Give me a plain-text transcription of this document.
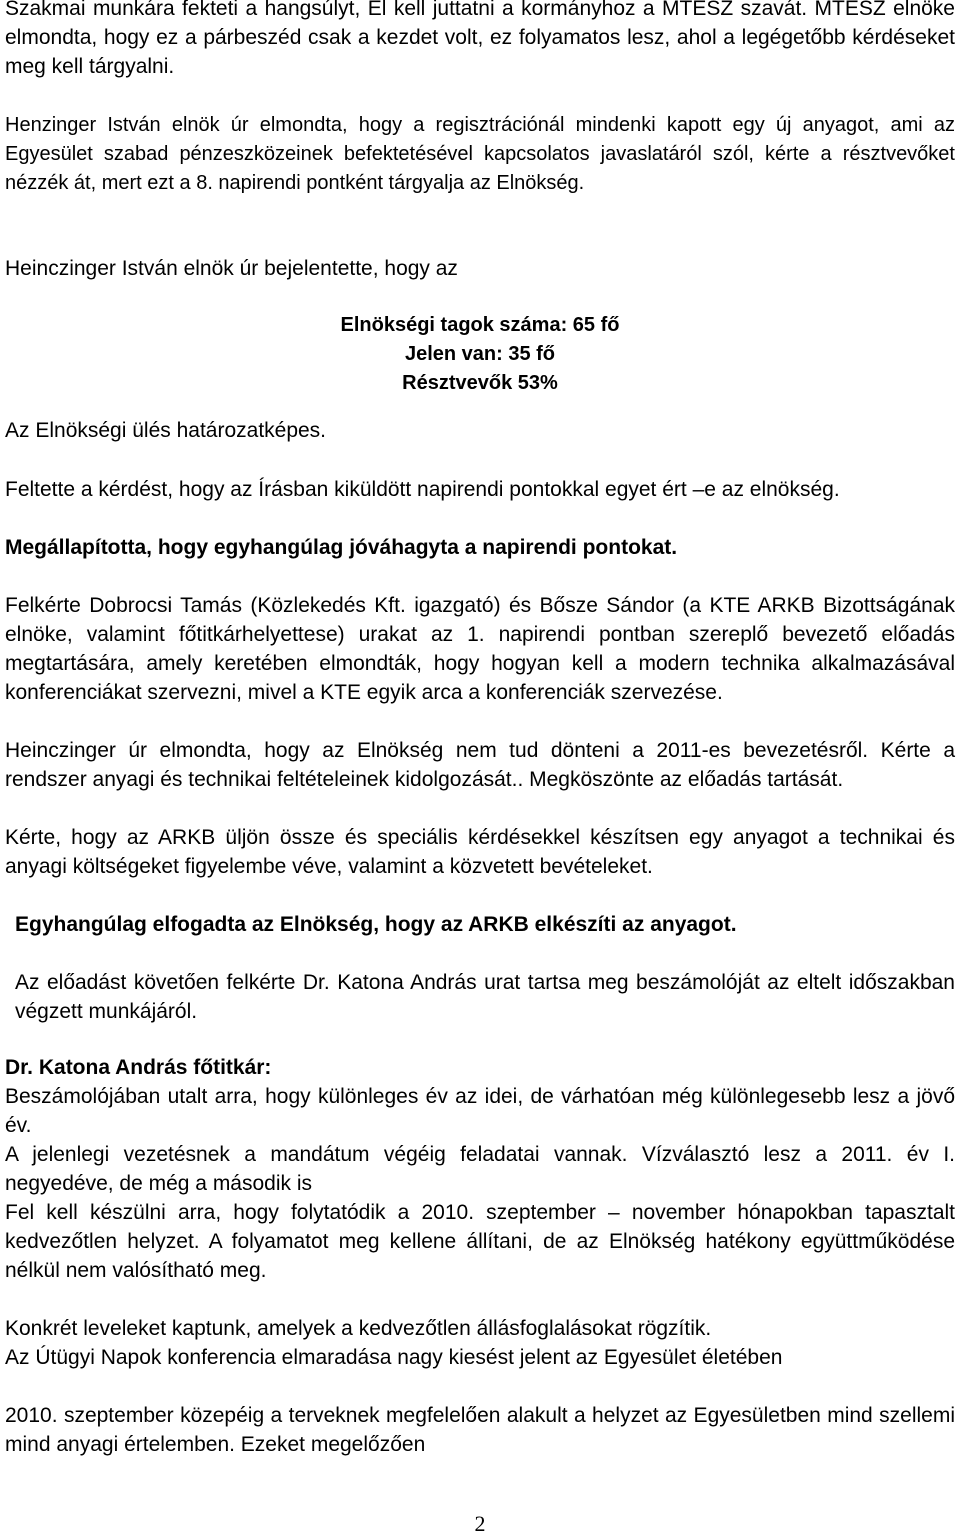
Szakmai munkára fekteti a hangsúlyt, El kell juttatni a kormányhoz a MTESZ szavát. MTESZ elnöke elmondta, hogy ez a párbeszéd csak a kezdet volt, ez folyamatos lesz, ahol a legégetőbb kérdéseket meg kell tárgyalni.
Henzinger István elnök úr elmondta, hogy a regisztrációnál mindenki kapott egy új anyagot, ami az Egyesület szabad pénzeszközeinek befektetésével kapcsolatos javaslatáról szól, kérte a résztvevőket nézzék át, mert ezt a 8. napirendi pontként tárgyalja az Elnökség.
Heinczinger István elnök úr bejelentette, hogy az
Elnökségi tagok száma: 65 fő
Jelen van: 35 fő
Résztvevők 53%
Az Elnökségi ülés határozatképes.
Feltette a kérdést, hogy az Írásban kiküldött napirendi pontokkal egyet ért –e az elnökség.
Megállapította, hogy egyhangúlag jóváhagyta a napirendi pontokat.
Felkérte Dobrocsi Tamás (Közlekedés Kft. igazgató) és Bősze Sándor (a KTE ARKB Bizottságának elnöke, valamint főtitkárhelyettese) urakat az 1. napirendi pontban szereplő bevezető előadás megtartására, amely keretében elmondták, hogy hogyan kell a modern technika alkalmazásával konferenciákat szervezni, mivel a KTE egyik arca a konferenciák szervezése.
Heinczinger úr elmondta, hogy az Elnökség nem tud dönteni a 2011-es bevezetésről. Kérte a rendszer anyagi és technikai feltételeinek kidolgozását.. Megköszönte az előadás tartását.
Kérte, hogy az ARKB üljön össze és speciális kérdésekkel készítsen egy anyagot a technikai és anyagi költségeket figyelembe véve, valamint a közvetett bevételeket.
Egyhangúlag elfogadta az Elnökség, hogy az ARKB elkészíti az anyagot.
Az előadást követően felkérte Dr. Katona András urat tartsa meg beszámolóját az eltelt időszakban végzett munkájáról.
Dr. Katona András főtitkár:
Beszámolójában utalt arra, hogy különleges év az idei, de várhatóan még különlegesebb lesz a jövő év.
A jelenlegi vezetésnek a mandátum végéig feladatai vannak. Vízválasztó lesz a 2011. év I. negyedéve, de még a második is
Fel kell készülni arra, hogy folytatódik a 2010. szeptember – november hónapokban tapasztalt kedvezőtlen helyzet. A folyamatot meg kellene állítani, de az Elnökség hatékony együttműködése nélkül nem valósítható meg.
Konkrét leveleket kaptunk, amelyek a kedvezőtlen állásfoglalásokat rögzítik.
Az Útügyi Napok konferencia elmaradása nagy kiesést jelent az Egyesület életében
2010. szeptember közepéig a terveknek megfelelően alakult a helyzet az Egyesületben mind szellemi mind anyagi értelemben. Ezeket megelőzően
2
